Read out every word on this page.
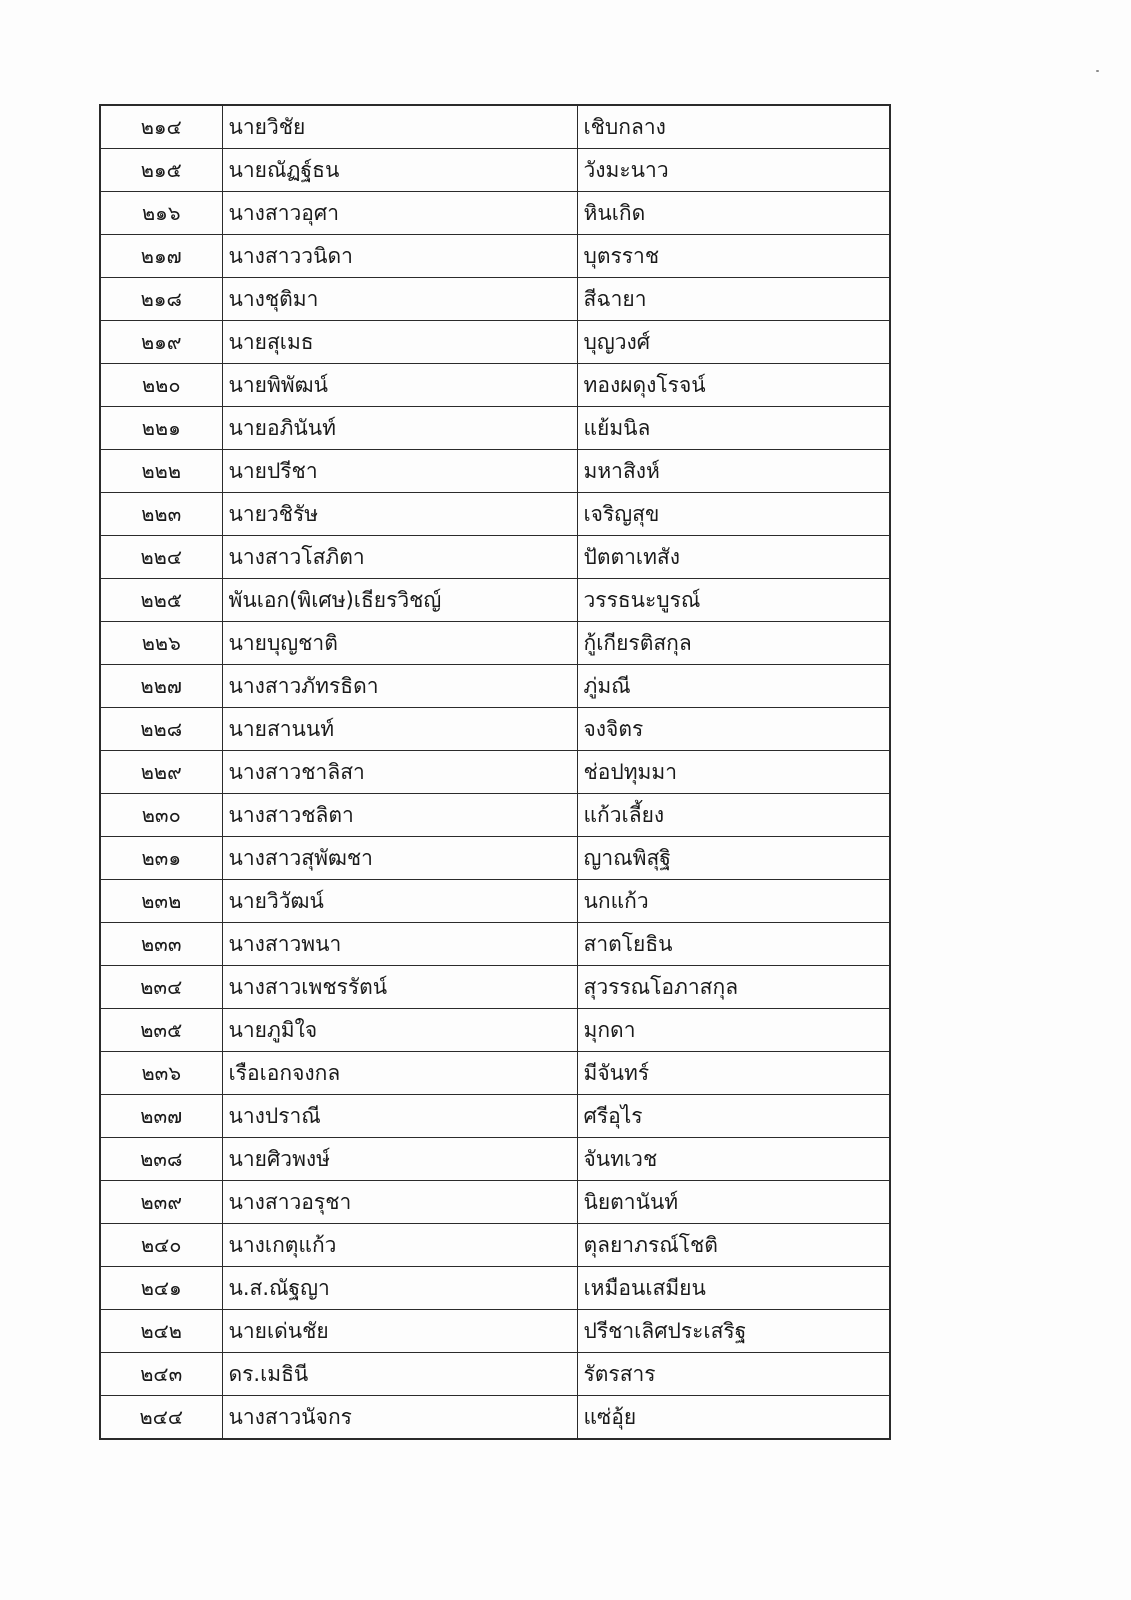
๒๑๔	นายวิชัย	เชิบกลาง
๒๑๕	นายณัฏฐ์ธน	วังมะนาว
๒๑๖	นางสาวอุศา	หินเกิด
๒๑๗	นางสาววนิดา	บุตรราช
๒๑๘	นางชุติมา	สีฉายา
๒๑๙	นายสุเมธ	บุญวงศ์
๒๒๐	นายพิพัฒน์	ทองผดุงโรจน์
๒๒๑	นายอภินันท์	แย้มนิล
๒๒๒	นายปรีชา	มหาสิงห์
๒๒๓	นายวชิรัษ	เจริญสุข
๒๒๔	นางสาวโสภิตา	ปัตตาเทสัง
๒๒๕	พันเอก(พิเศษ)เธียรวิชญ์	วรรธนะบูรณ์
๒๒๖	นายบุญชาติ	กู้เกียรติสกุล
๒๒๗	นางสาวภัทรธิดา	ภู่มณี
๒๒๘	นายสานนท์	จงจิตร
๒๒๙	นางสาวชาลิสา	ช่อปทุมมา
๒๓๐	นางสาวชลิตา	แก้วเลี้ยง
๒๓๑	นางสาวสุพัฒชา	ญาณพิสุฐิ
๒๓๒	นายวิวัฒน์	นกแก้ว
๒๓๓	นางสาวพนา	สาตโยธิน
๒๓๔	นางสาวเพชรรัตน์	สุวรรณโอภาสกุล
๒๓๕	นายภูมิใจ	มุกดา
๒๓๖	เรือเอกจงกล	มีจันทร์
๒๓๗	นางปราณี	ศรีอุไร
๒๓๘	นายศิวพงษ์	จันทเวช
๒๓๙	นางสาวอรุชา	นิยตานันท์
๒๔๐	นางเกตุแก้ว	ตุลยาภรณ์โชติ
๒๔๑	น.ส.ณัฐญา	เหมือนเสมียน
๒๔๒	นายเด่นชัย	ปรีชาเลิศประเสริฐ
๒๔๓	ดร.เมธินี	รัตรสาร
๒๔๔	นางสาวนัจกร	แซ่อุ้ย
